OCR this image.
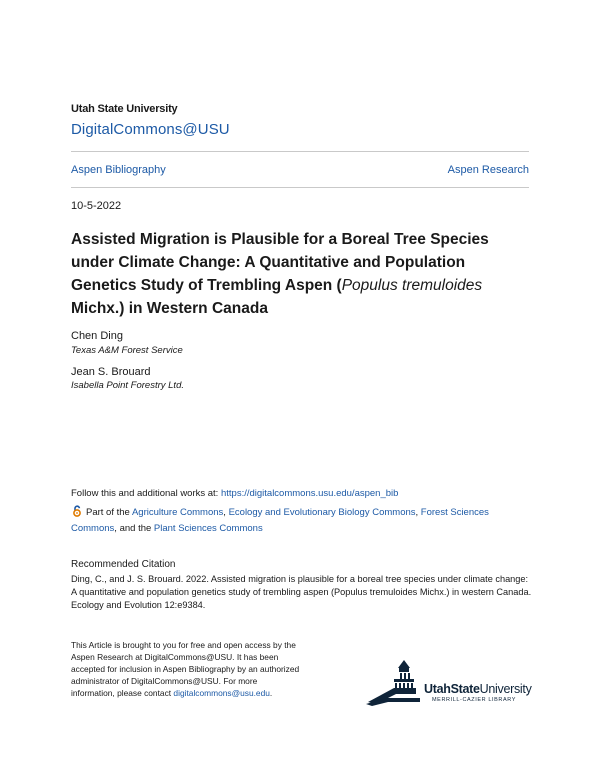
Utah State University
DigitalCommons@USU
Aspen Bibliography	Aspen Research
10-5-2022
Assisted Migration is Plausible for a Boreal Tree Species under Climate Change: A Quantitative and Population Genetics Study of Trembling Aspen (Populus tremuloides Michx.) in Western Canada
Chen Ding
Texas A&M Forest Service
Jean S. Brouard
Isabella Point Forestry Ltd.
Follow this and additional works at: https://digitalcommons.usu.edu/aspen_bib
Part of the Agriculture Commons, Ecology and Evolutionary Biology Commons, Forest Sciences Commons, and the Plant Sciences Commons
Recommended Citation
Ding, C., and J. S. Brouard. 2022. Assisted migration is plausible for a boreal tree species under climate change: A quantitative and population genetics study of trembling aspen (Populus tremuloides Michx.) in western Canada. Ecology and Evolution 12:e9384.
This Article is brought to you for free and open access by the Aspen Research at DigitalCommons@USU. It has been accepted for inclusion in Aspen Bibliography by an authorized administrator of DigitalCommons@USU. For more information, please contact digitalcommons@usu.edu.	UtahStateUniversity
MERRILL-CAZIER LIBRARY
